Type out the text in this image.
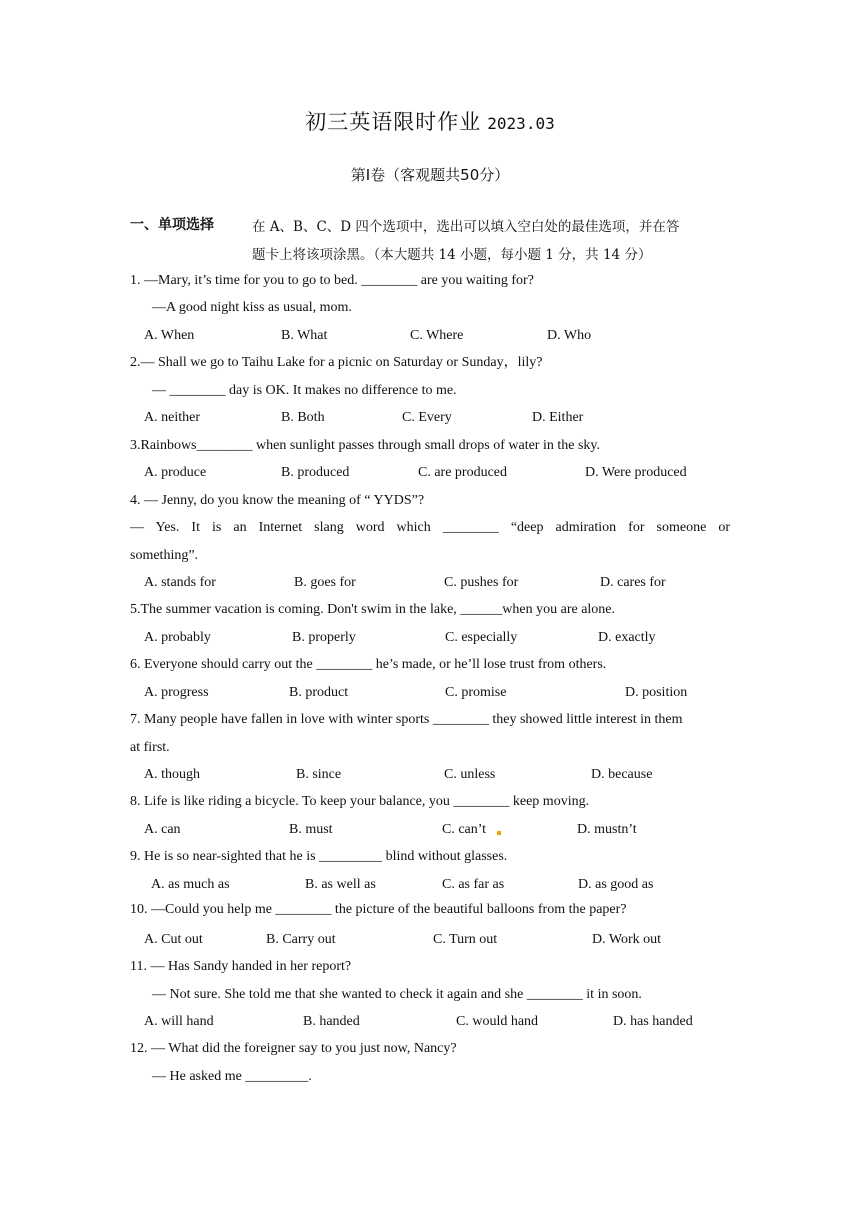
初三英语限时作业 2023.03
第Ⅰ卷（客观题共50分）
一、单项选择	在 A、B、C、D 四个选项中，选出可以填入空白处的最佳选项，并在答
题卡上将该项涂黑。（本大题共 14 小题，每小题 1 分，共 14 分）
1. —Mary, it’s time for you to go to bed. ________ are you waiting for?
—A good night kiss as usual, mom.
A. When	B. What	C. Where	D. Who
2.— Shall we go to Taihu Lake for a picnic on Saturday or Sunday，lily?
— ________ day is OK. It makes no difference to me.
A. neither	B. Both	C. Every	D. Either
3.Rainbows________ when sunlight passes through small drops of water in the sky.
A. produce	B. produced	C. are produced	D. Were produced
4. — Jenny, do you know the meaning of “ YYDS”?
— Yes. It is an Internet slang word which ________ “deep admiration for someone or
something”.
A. stands for	B. goes for	C. pushes for	D. cares for
5.The summer vacation is coming. Don't swim in the lake, ______when you are alone.
A. probably	B. properly	C. especially	D. exactly
6. Everyone should carry out the ________ he’s made, or he’ll lose trust from others.
A. progress	B. product	C. promise	D. position
7. Many people have fallen in love with winter sports ________ they showed little interest in them
at first.
A. though	B. since	C. unless	D. because
8. Life is like riding a bicycle. To keep your balance, you ________ keep moving.
A. can	B. must	C. can’t	D. mustn’t
9. He is so near-sighted that he is _________ blind without glasses.
A. as much as	B. as well as	C. as far as	D. as good as
10. —Could you help me ________ the picture of the beautiful balloons from the paper?
A. Cut out	B. Carry out	C. Turn out	D. Work out
11. — Has Sandy handed in her report?
— Not sure. She told me that she wanted to check it again and she ________ it in soon.
A. will hand	B. handed	C. would hand	D. has handed
12. — What did the foreigner say to you just now, Nancy?
— He asked me _________.
